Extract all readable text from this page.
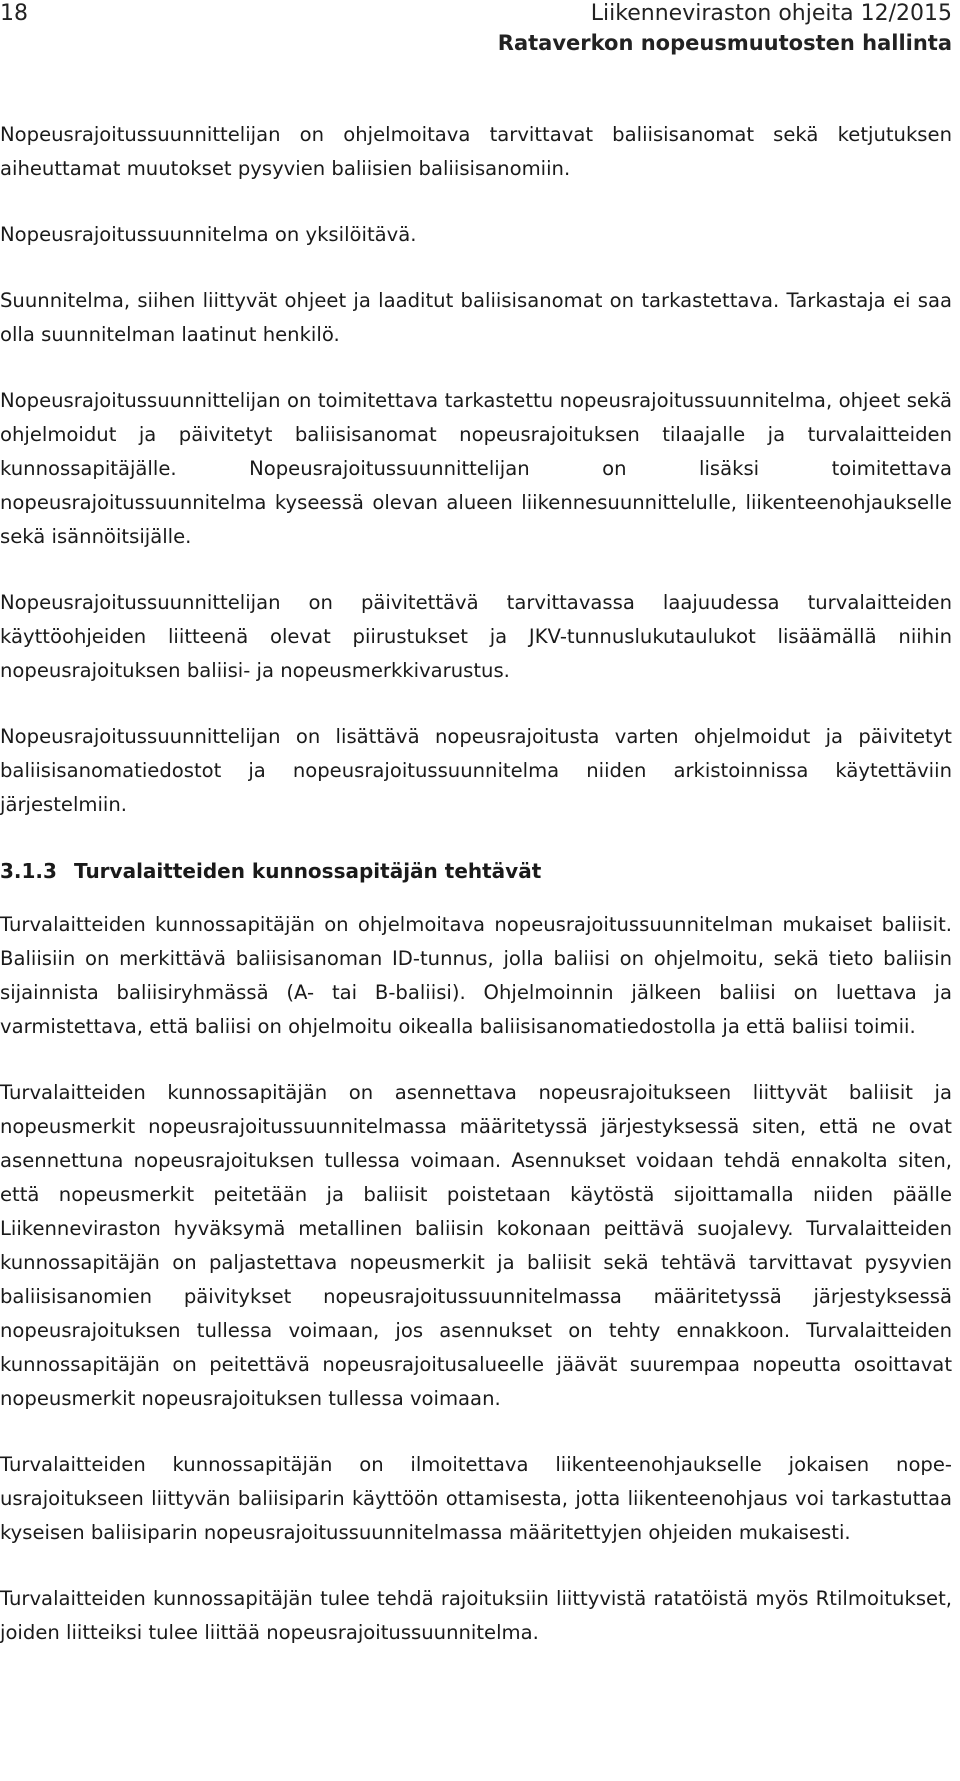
18	Liikenneviraston ohjeita 12/2015
Rataverkon nopeusmuutosten hallinta

Nopeusrajoitussuunnittelijan on ohjelmoitava tarvittavat baliisisanomat sekä ketjutuksen aiheuttamat muutokset pysyvien baliisien baliisisanomiin.

Nopeusrajoitussuunnitelma on yksilöitävä.

Suunnitelma, siihen liittyvät ohjeet ja laaditut baliisisanomat on tarkastettava. Tarkastaja ei saa olla suunnitelman laatinut henkilö.

Nopeusrajoitussuunnittelijan on toimitettava tarkastettu nopeusrajoitussuunnitelma, ohjeet sekä ohjelmoidut ja päivitetyt baliisisanomat nopeusrajoituksen tilaajalle ja turvalaitteiden kunnossapitäjälle. Nopeusrajoitussuunnittelijan on lisäksi toimitettava nopeusrajoitussuunnitelma kyseessä olevan alueen liikennesuunnittelulle, liikenteenohjaukselle sekä isännöitsijälle.

Nopeusrajoitussuunnittelijan on päivitettävä tarvittavassa laajuudessa turvalaitteiden käyttöohjeiden liitteenä olevat piirustukset ja JKV-tunnuslukutaulukot lisäämällä niihin nopeusrajoituksen baliisi- ja nopeusmerkkivarustus.

Nopeusrajoitussuunnittelijan on lisättävä nopeusrajoitusta varten ohjelmoidut ja päivitetyt baliisisanomatiedostot ja nopeusrajoitussuunnitelma niiden arkistoinnissa käytettäviin järjestelmiin.

3.1.3 Turvalaitteiden kunnossapitäjän tehtävät

Turvalaitteiden kunnossapitäjän on ohjelmoitava nopeusrajoitussuunnitelman mukaiset baliisit. Baliisiin on merkittävä baliisisanoman ID-tunnus, jolla baliisi on ohjelmoitu, sekä tieto baliisin sijainnista baliisiryhmässä (A- tai B-baliisi). Ohjelmoinnin jälkeen baliisi on luettava ja varmistettava, että baliisi on ohjelmoitu oikealla baliisisanomatiedostolla ja että baliisi toimii.

Turvalaitteiden kunnossapitäjän on asennettava nopeusrajoitukseen liittyvät baliisit ja nopeusmerkit nopeusrajoitussuunnitelmassa määritetyssä järjestyksessä siten, että ne ovat asennettuna nopeusrajoituksen tullessa voimaan. Asennukset voidaan tehdä ennakolta siten, että nopeusmerkit peitetään ja baliisit poistetaan käytöstä sijoittamalla niiden päälle Liikenneviraston hyväksymä metallinen baliisin kokonaan peittävä suojalevy. Turvalaitteiden kunnossapitäjän on paljastettava nopeusmerkit ja baliisit sekä tehtävä tarvittavat pysyvien baliisisanomien päivitykset nopeusrajoitussuunnitelmassa määritetyssä järjestyksessä nopeusrajoituksen tullessa voimaan, jos asennukset on tehty ennakkoon. Turvalaitteiden kunnossapitäjän on peitettävä nopeusrajoitusalueelle jäävät suurempaa nopeutta osoittavat nopeusmerkit nopeusrajoituksen tullessa voimaan.

Turvalaitteiden kunnossapitäjän on ilmoitettava liikenteenohjaukselle jokaisen nopeusrajoitukseen liittyvän baliisiparin käyttöön ottamisesta, jotta liikenteenohjaus voi tarkastuttaa kyseisen baliisiparin nopeusrajoitussuunnitelmassa määritettyjen ohjeiden mukaisesti.

Turvalaitteiden kunnossapitäjän tulee tehdä rajoituksiin liittyvistä ratatöistä myös Rtilmoitukset, joiden liitteiksi tulee liittää nopeusrajoitussuunnitelma.
